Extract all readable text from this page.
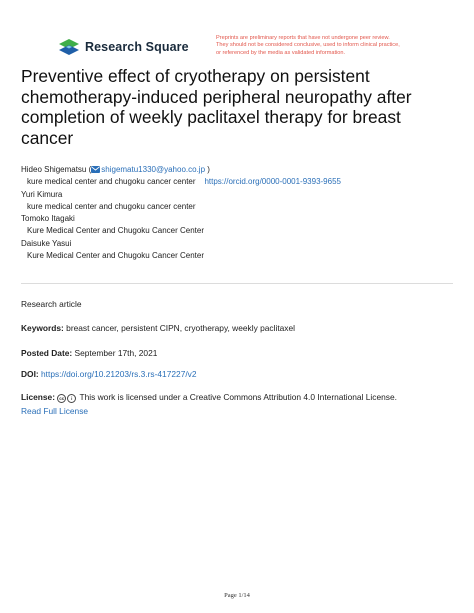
Research Square
Preprints are preliminary reports that have not undergone peer review.
They should not be considered conclusive, used to inform clinical practice,
or referenced by the media as validated information.
Preventive effect of cryotherapy on persistent
chemotherapy-induced peripheral neuropathy after
completion of weekly paclitaxel therapy for breast
cancer
Hideo Shigematsu ( shigematu1330@yahoo.co.jp )
kure medical center and chugoku cancer center https://orcid.org/0000-0001-9393-9655
Yuri Kimura
kure medical center and chugoku cancer center
Tomoko Itagaki
Kure Medical Center and Chugoku Cancer Center
Daisuke Yasui
Kure Medical Center and Chugoku Cancer Center
Research article
Keywords: breast cancer, persistent CIPN, cryotherapy, weekly paclitaxel
Posted Date: September 17th, 2021
DOI: https://doi.org/10.21203/rs.3.rs-417227/v2
License: cc i This work is licensed under a Creative Commons Attribution 4.0 International License.
Read Full License
Page 1/14
